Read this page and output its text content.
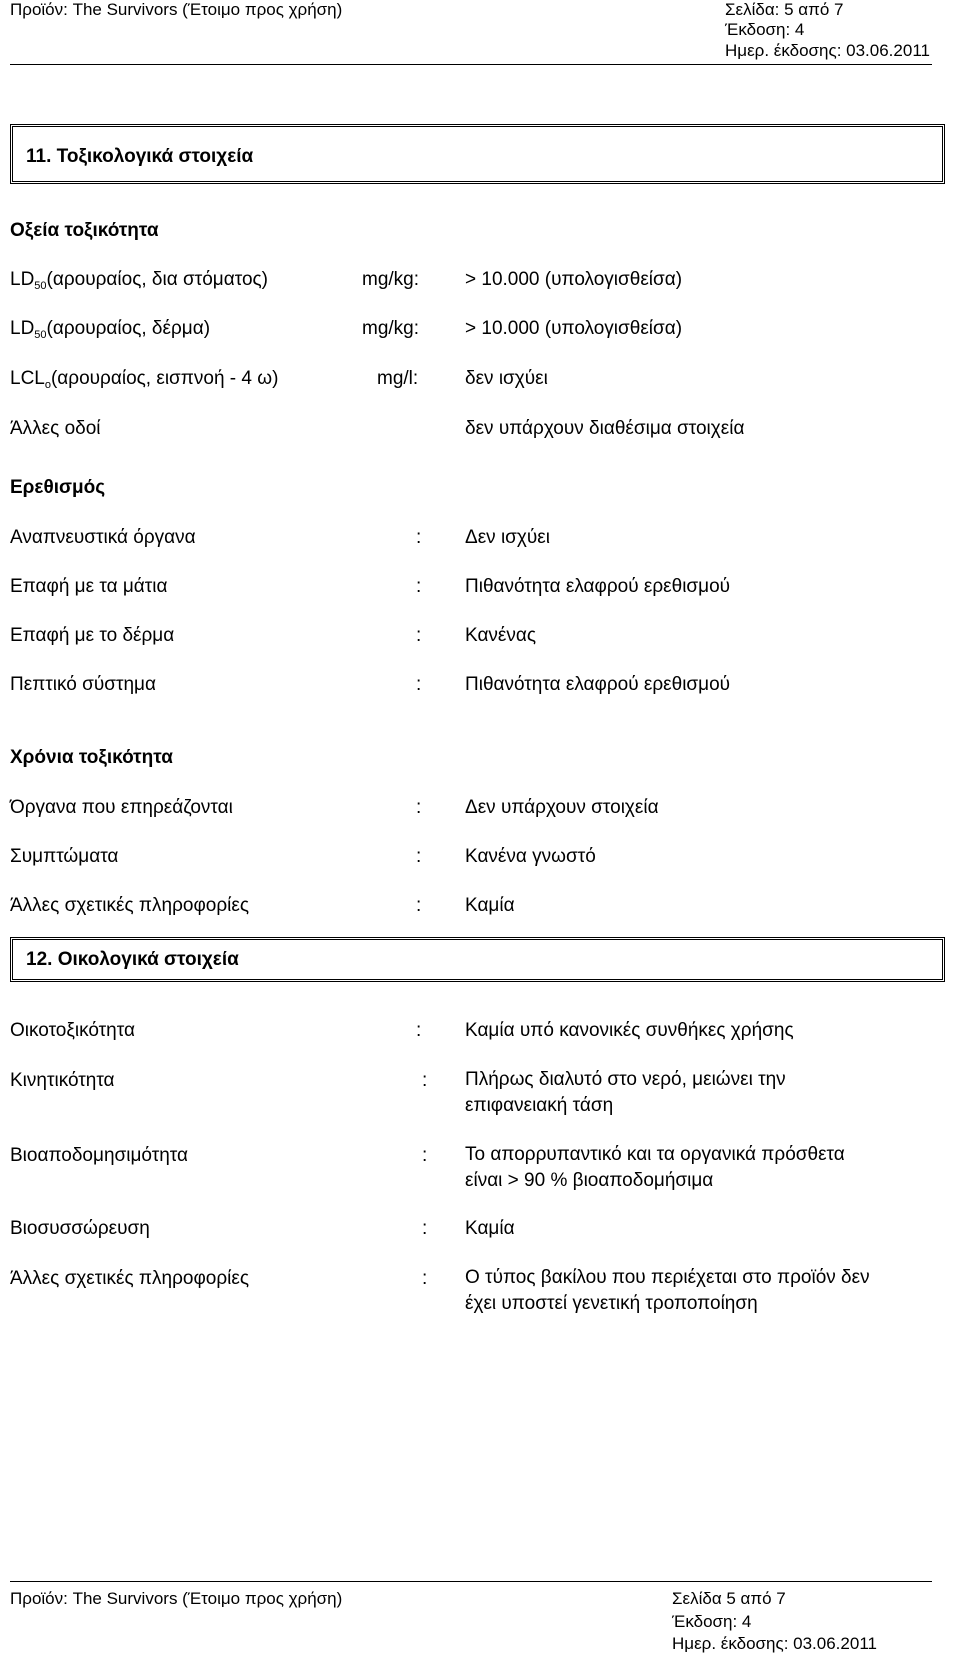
Προϊόν: The Survivors (Έτοιμο προς χρήση)	Σελίδα: 5 από 7
Έκδοση: 4
Ημερ. έκδοσης: 03.06.2011
11. Τοξικολογικά στοιχεία
Οξεία τοξικότητα
$LD_{50}(\alpha\rho o\upsilon\rho\alpha ίo\varsigma$, δια στόματος)	mg/kg: > 10.000 (υπολογισθείσα)
$LD_{50}(\alpha\rho o\upsilon\rho\alpha ίo\varsigma$, δέρμα)	mg/kg: > 10.000 (υπολογισθείσα)
$LCL_o(\alpha\rho o\upsilon\rho\alpha ίo\varsigma$, εισπνοή - 4 ω)	mg/l: δεν ισχύει
Άλλες οδοί	δεν υπάρχουν διαθέσιμα στοιχεία
Ερεθισμός
Αναπνευστικά όργανα	: Δεν ισχύει
Επαφή με τα μάτια	: Πιθανότητα ελαφρού ερεθισμού
Επαφή με το δέρμα	: Κανένας
Πεπτικό σύστημα	: Πιθανότητα ελαφρού ερεθισμού
Χρόνια τοξικότητα
Όργανα που επηρεάζονται	: Δεν υπάρχουν στοιχεία
Συμπτώματα	: Κανένα γνωστό
Άλλες σχετικές πληροφορίες	: Καμία
12. Οικολογικά στοιχεία
Οικοτοξικότητα	: Καμία υπό κανονικές συνθήκες χρήσης
Κινητικότητα	: Πλήρως διαλυτό στο νερό, μειώνει την επιφανειακή τάση
Βιοαποδομησιμότητα	: Το απορρυπαντικό και τα οργανικά πρόσθετα είναι > 90 % βιοαποδομήσιμα
Βιοσυσσώρευση	: Καμία
Άλλες σχετικές πληροφορίες	: Ο τύπος βακίλου που περιέχεται στο προϊόν δεν έχει υποστεί γενετική τροποποίηση
Προϊόν: The Survivors (Έτοιμο προς χρήση)	Σελίδα 5 από 7
Έκδοση: 4
Ημερ. έκδοσης: 03.06.2011
